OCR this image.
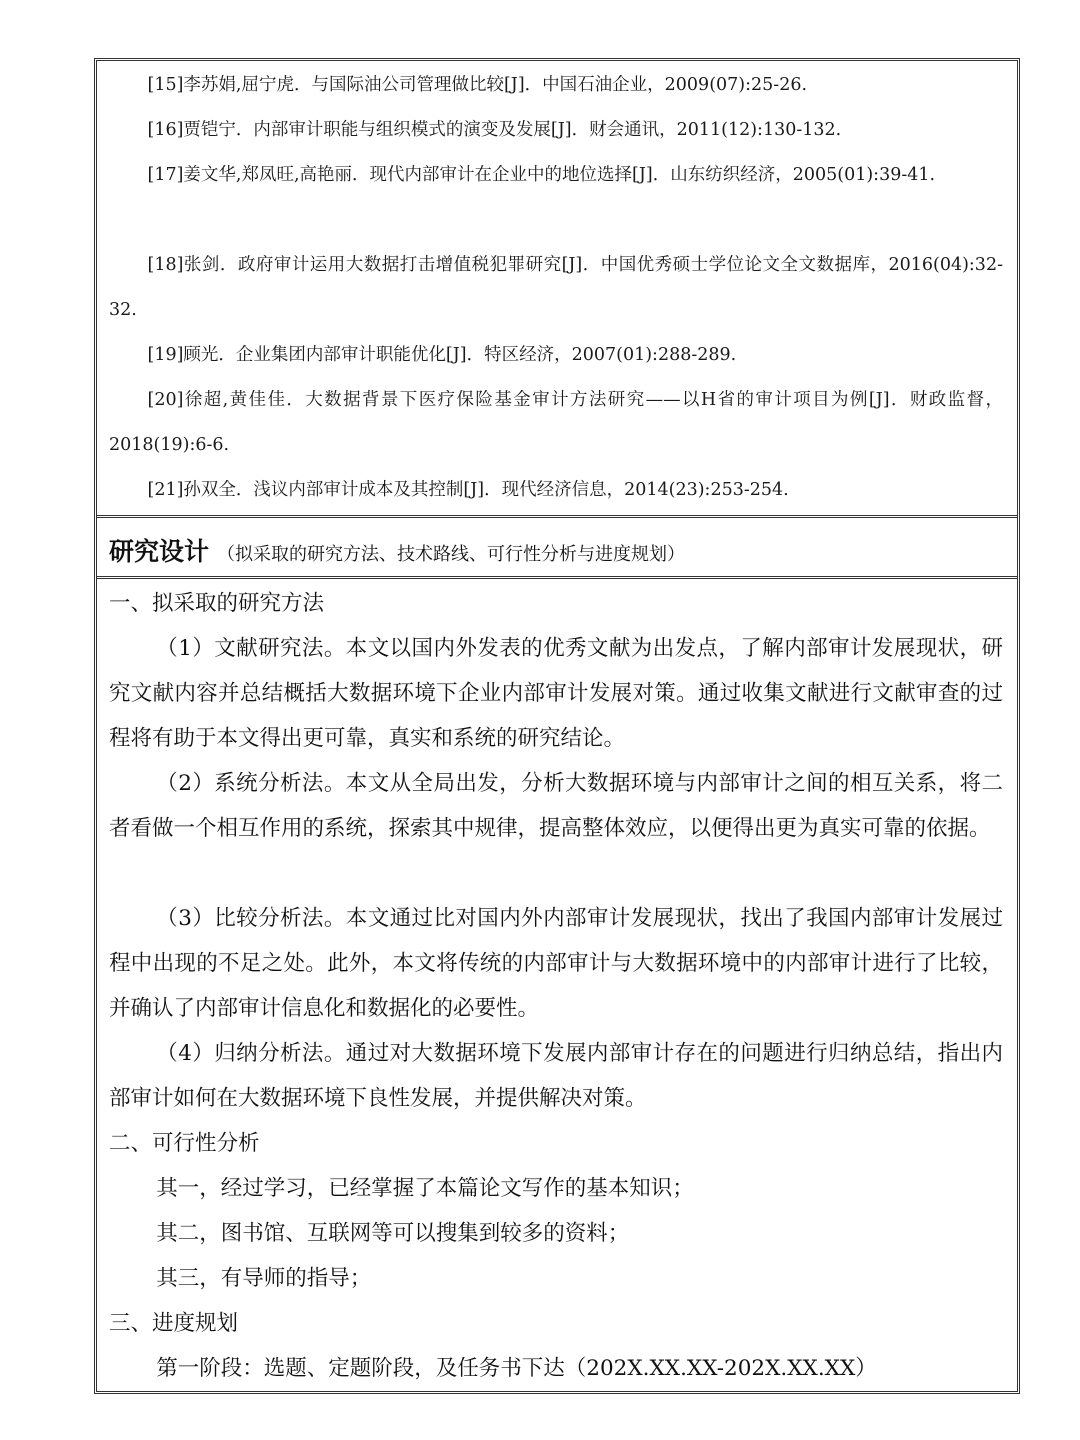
[15]李苏娟,屈宁虎．与国际油公司管理做比较[J]．中国石油企业，2009(07):25-26.

[16]贾铠宁．内部审计职能与组织模式的演变及发展[J]．财会通讯，2011(12):130-132.

[17]姜文华,郑凤旺,高艳丽．现代内部审计在企业中的地位选择[J]．山东纺织经济，2005(01):39-41.

[18]张剑．政府审计运用大数据打击增值税犯罪研究[J]．中国优秀硕士学位论文全文数据库，2016(04):32-32.

[19]顾光．企业集团内部审计职能优化[J]．特区经济，2007(01):288-289.

[20]徐超,黄佳佳．大数据背景下医疗保险基金审计方法研究——以H省的审计项目为例[J]．财政监督，2018(19):6-6.

[21]孙双全．浅议内部审计成本及其控制[J]．现代经济信息，2014(23):253-254.

研究设计 （拟采取的研究方法、技术路线、可行性分析与进度规划）

一、拟采取的研究方法

（1）文献研究法。本文以国内外发表的优秀文献为出发点，了解内部审计发展现状，研究文献内容并总结概括大数据环境下企业内部审计发展对策。通过收集文献进行文献审查的过程将有助于本文得出更可靠，真实和系统的研究结论。

（2）系统分析法。本文从全局出发，分析大数据环境与内部审计之间的相互关系，将二者看做一个相互作用的系统，探索其中规律，提高整体效应，以便得出更为真实可靠的依据。

（3）比较分析法。本文通过比对国内外内部审计发展现状，找出了我国内部审计发展过程中出现的不足之处。此外，本文将传统的内部审计与大数据环境中的内部审计进行了比较，并确认了内部审计信息化和数据化的必要性。

（4）归纳分析法。通过对大数据环境下发展内部审计存在的问题进行归纳总结，指出内部审计如何在大数据环境下良性发展，并提供解决对策。

二、可行性分析

其一，经过学习，已经掌握了本篇论文写作的基本知识；

其二，图书馆、互联网等可以搜集到较多的资料；

其三，有导师的指导；

三、进度规划

第一阶段：选题、定题阶段，及任务书下达（202X.XX.XX-202X.XX.XX）
